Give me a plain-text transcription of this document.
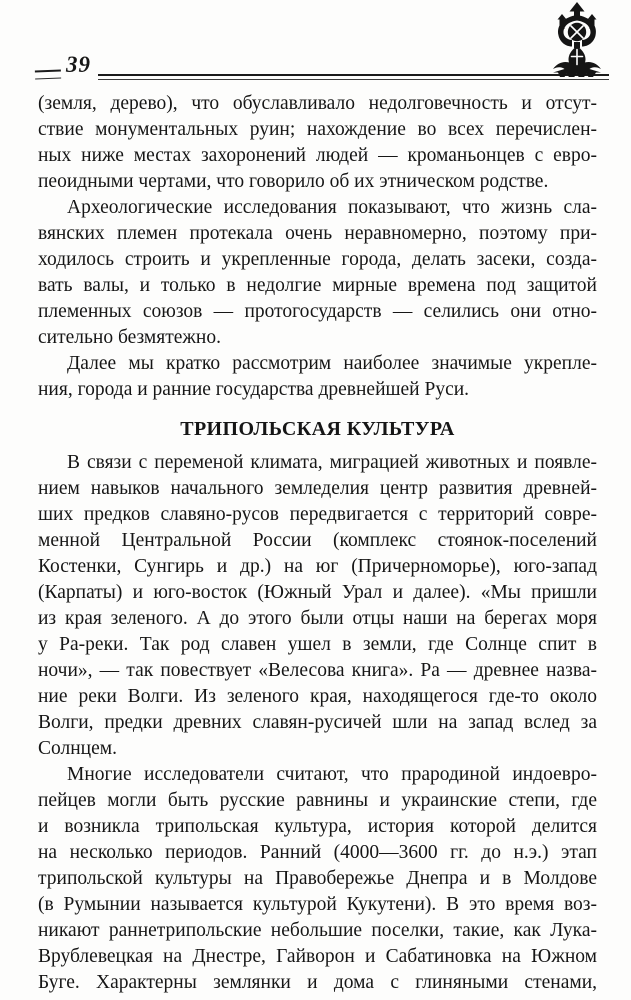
39
(земля, дерево), что обуславливало недолговечность и отсут-
ствие монументальных руин; нахождение во всех перечислен-
ных ниже местах захоронений людей — кроманьонцев с евро-
пеоидными чертами, что говорило об их этническом родстве.
Археологические исследования показывают, что жизнь сла-
вянских племен протекала очень неравномерно, поэтому при-
ходилось строить и укрепленные города, делать засеки, созда-
вать валы, и только в недолгие мирные времена под защитой
племенных союзов — протогосударств — селились они отно-
сительно безмятежно.
Далее мы кратко рассмотрим наиболее значимые укрепле-
ния, города и ранние государства древнейшей Руси.
ТРИПОЛЬСКАЯ КУЛЬТУРА
В связи с переменой климата, миграцией животных и появле-
нием навыков начального земледелия центр развития древней-
ших предков славяно-русов передвигается с территорий совре-
менной Центральной России (комплекс стоянок-поселений
Костенки, Сунгирь и др.) на юг (Причерноморье), юго-запад
(Карпаты) и юго-восток (Южный Урал и далее). «Мы пришли
из края зеленого. А до этого были отцы наши на берегах моря
у Ра-реки. Так род славен ушел в земли, где Солнце спит в
ночи», — так повествует «Велесова книга». Ра — древнее назва-
ние реки Волги. Из зеленого края, находящегося где-то около
Волги, предки древних славян-русичей шли на запад вслед за
Солнцем.
Многие исследователи считают, что прародиной индоевро-
пейцев могли быть русские равнины и украинские степи, где
и возникла трипольская культура, история которой делится
на несколько периодов. Ранний (4000—3600 гг. до н.э.) этап
трипольской культуры на Правобережье Днепра и в Молдове
(в Румынии называется культурой Кукутени). В это время воз-
никают раннетрипольские небольшие поселки, такие, как Лука-
Врублевецкая на Днестре, Гайворон и Сабатиновка на Южном
Буге. Характерны землянки и дома с глиняными стенами,
